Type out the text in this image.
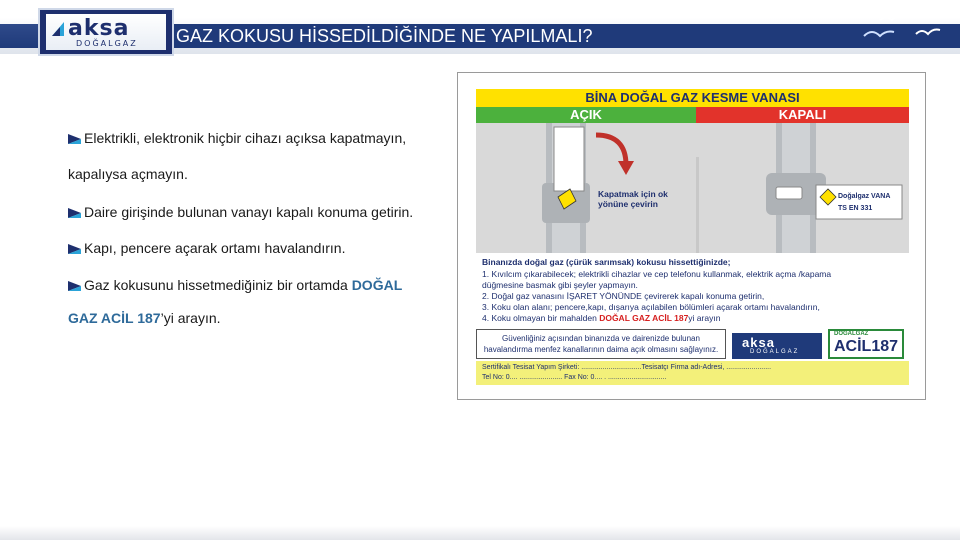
GAZ KOKUSU HİSSEDİLDİĞİNDE NE YAPILMALI?
aksa
DOĞALGAZ
Elektrikli, elektronik hiçbir cihazı açıksa kapatmayın,
kapalıysa açmayın.
Daire girişinde bulunan vanayı kapalı konuma getirin.
Kapı, pencere açarak ortamı havalandırın.
Gaz kokusunu hissetmediğiniz bir ortamda DOĞAL
GAZ ACİL 187’yi arayın.
BİNA DOĞAL GAZ KESME VANASI
AÇIK	KAPALI
Kapatmak için ok yönüne çevirin
Doğalgaz VANA
TS EN 331
Binanızda doğal gaz (çürük sarımsak) kokusu hissettiğinizde;
1. Kıvılcım çıkarabilecek; elektrikli cihazlar ve cep telefonu kullanmak, elektrik açma /kapama
düğmesine basmak gibi şeyler yapmayın.
2. Doğal gaz vanasını İŞARET YÖNÜNDE çevirerek kapalı konuma getirin,
3. Koku olan alanı; pencere,kapı, dışarıya açılabilen bölümleri açarak ortamı havalandırın,
4. Koku olmayan bir mahalden DOĞAL GAZ ACİL 187yi arayın
Güvenliğiniz açısından binanızda ve dairenizde bulunan havalandırma menfez kanallarının daima açık olmasını sağlayınız.	aksa
DOĞALGAZ
DOĞALGAZ
ACİL187
Sertifikalı Tesisat Yapım Şirketi: ...............................Tesisatçı Firma adı-Adresi, .......................
Tel No: 0.... ...................... Fax No: 0.... . ..............................
